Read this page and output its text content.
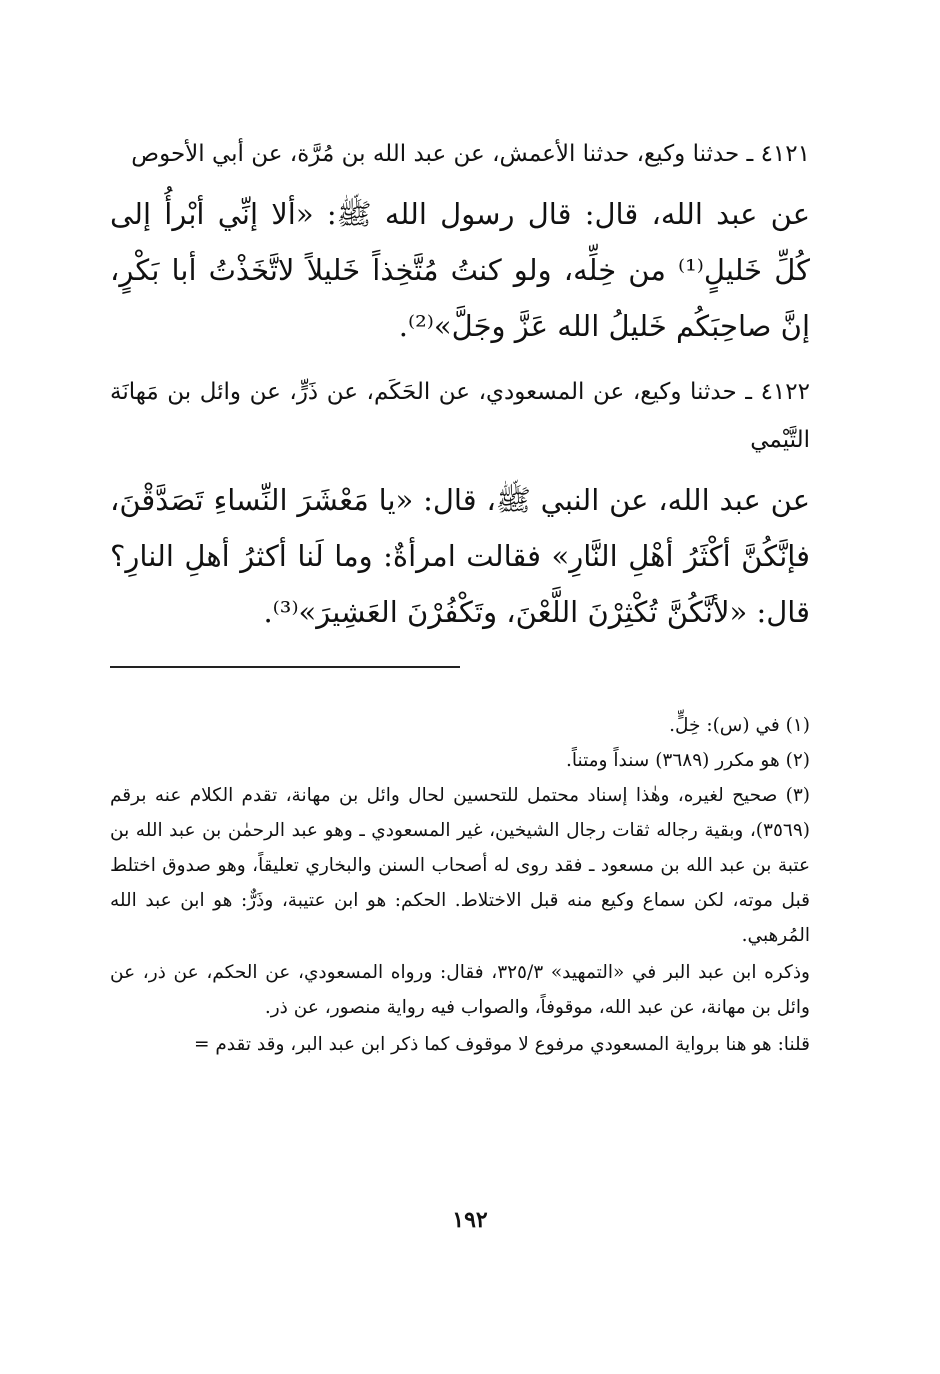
٤١٢١ ـ حدثنا وكيع، حدثنا الأعمش، عن عبد الله بن مُرَّة، عن أبي الأحوص

عن عبد الله، قال: قال رسول الله ﷺ: «ألا إنِّي أبْرأُ إلى كُلِّ خَليلٍ⁽¹⁾ من خِلِّه، ولو كنتُ مُتَّخِذاً خَليلاً لاتَّخَذْتُ أبا بَكْرٍ، إنَّ صاحِبَكُم خَليلُ الله عَزَّ وجَلَّ»⁽²⁾.

٤١٢٢ ـ حدثنا وكيع، عن المسعودي، عن الحَكَم، عن ذَرٍّ، عن وائل بن مَهانَة التَّيْمي

عن عبد الله، عن النبي ﷺ، قال: «يا مَعْشَرَ النِّساءِ تَصَدَّقْنَ، فإنَّكُنَّ أكْثَرُ أهْلِ النَّارِ» فقالت امرأةٌ: وما لَنا أكثرُ أهلِ النارِ؟ قال: «لأنَّكُنَّ تُكْثِرْنَ اللَّعْنَ، وتَكْفُرْنَ العَشِيرَ»⁽³⁾.

(١) في (س): خِلٍّ.

(٢) هو مكرر (٣٦٨٩) سنداً ومتناً.

(٣) صحيح لغيره، وهٰذا إسناد محتمل للتحسين لحال وائل بن مهانة، تقدم الكلام عنه برقم (٣٥٦٩)، وبقية رجاله ثقات رجال الشيخين، غير المسعودي ـ وهو عبد الرحمٰن بن عبد الله بن عتبة بن عبد الله بن مسعود ـ فقد روى له أصحاب السنن والبخاري تعليقاً، وهو صدوق اختلط قبل موته، لكن سماع وكيع منه قبل الاختلاط. الحكم: هو ابن عتيبة، وذَرٌّ: هو ابن عبد الله المُرهبي.

وذكره ابن عبد البر في «التمهيد» ٣٢٥/٣، فقال: ورواه المسعودي، عن الحكم، عن ذر، عن وائل بن مهانة، عن عبد الله، موقوفاً، والصواب فيه رواية منصور، عن ذر.

قلنا: هو هنا برواية المسعودي مرفوع لا موقوف كما ذكر ابن عبد البر، وقد تقدم =

١٩٢
